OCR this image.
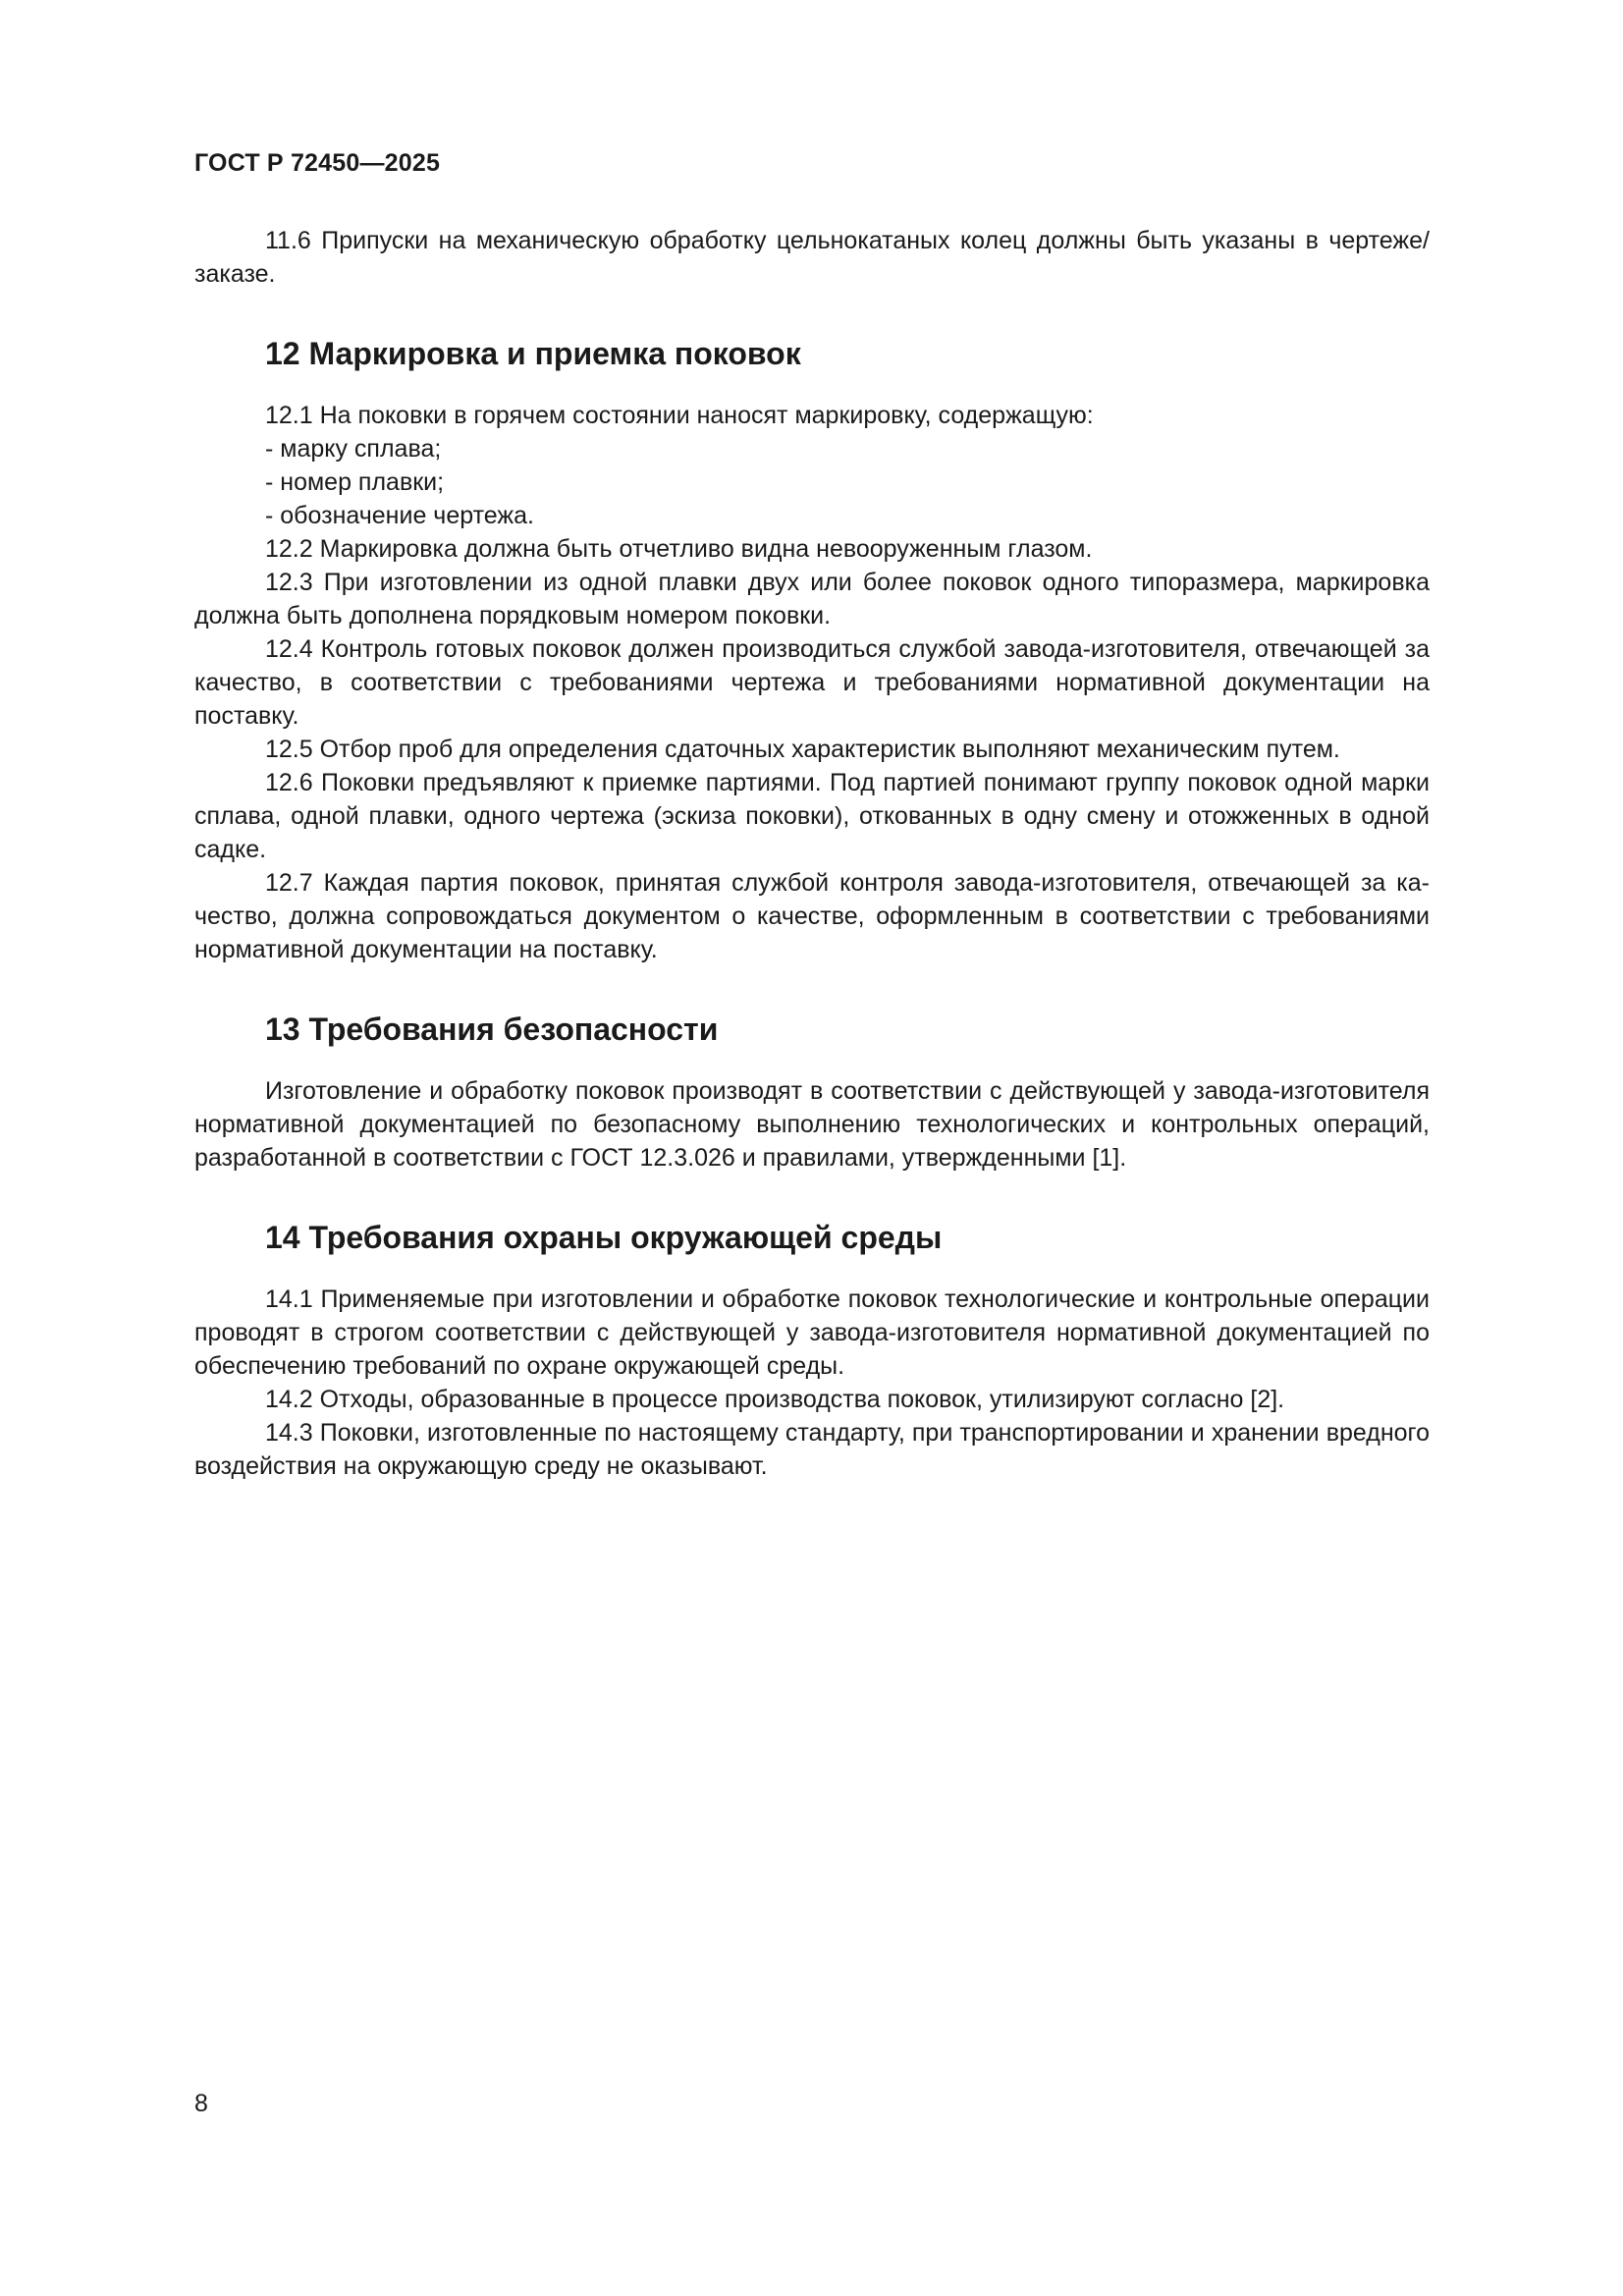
ГОСТ Р 72450—2025

11.6 Припуски на механическую обработку цельнокатаных колец должны быть указаны в чертеже/ заказе.

12 Маркировка и приемка поковок

12.1 На поковки в горячем состоянии наносят маркировку, содержащую:

- марку сплава;

- номер плавки;

- обозначение чертежа.

12.2 Маркировка должна быть отчетливо видна невооруженным глазом.

12.3 При изготовлении из одной плавки двух или более поковок одного типоразмера, маркировка должна быть дополнена порядковым номером поковки.

12.4 Контроль готовых поковок должен производиться службой завода-изготовителя, отвечающей за качество, в соответствии с требованиями чертежа и требованиями нормативной документации на поставку.

12.5 Отбор проб для определения сдаточных характеристик выполняют механическим путем.

12.6 Поковки предъявляют к приемке партиями. Под партией понимают группу поковок одной марки сплава, одной плавки, одного чертежа (эскиза поковки), откованных в одну смену и отожженных в одной садке.

12.7 Каждая партия поковок, принятая службой контроля завода-изготовителя, отвечающей за качество, должна сопровождаться документом о качестве, оформленным в соответствии с требованиями нормативной документации на поставку.

13 Требования безопасности

Изготовление и обработку поковок производят в соответствии с действующей у завода-изготовителя нормативной документацией по безопасному выполнению технологических и контрольных операций, разработанной в соответствии с ГОСТ 12.3.026 и правилами, утвержденными [1].

14 Требования охраны окружающей среды

14.1 Применяемые при изготовлении и обработке поковок технологические и контрольные операции проводят в строгом соответствии с действующей у завода-изготовителя нормативной документацией по обеспечению требований по охране окружающей среды.

14.2 Отходы, образованные в процессе производства поковок, утилизируют согласно [2].

14.3 Поковки, изготовленные по настоящему стандарту, при транспортировании и хранении вредного воздействия на окружающую среду не оказывают.

8
